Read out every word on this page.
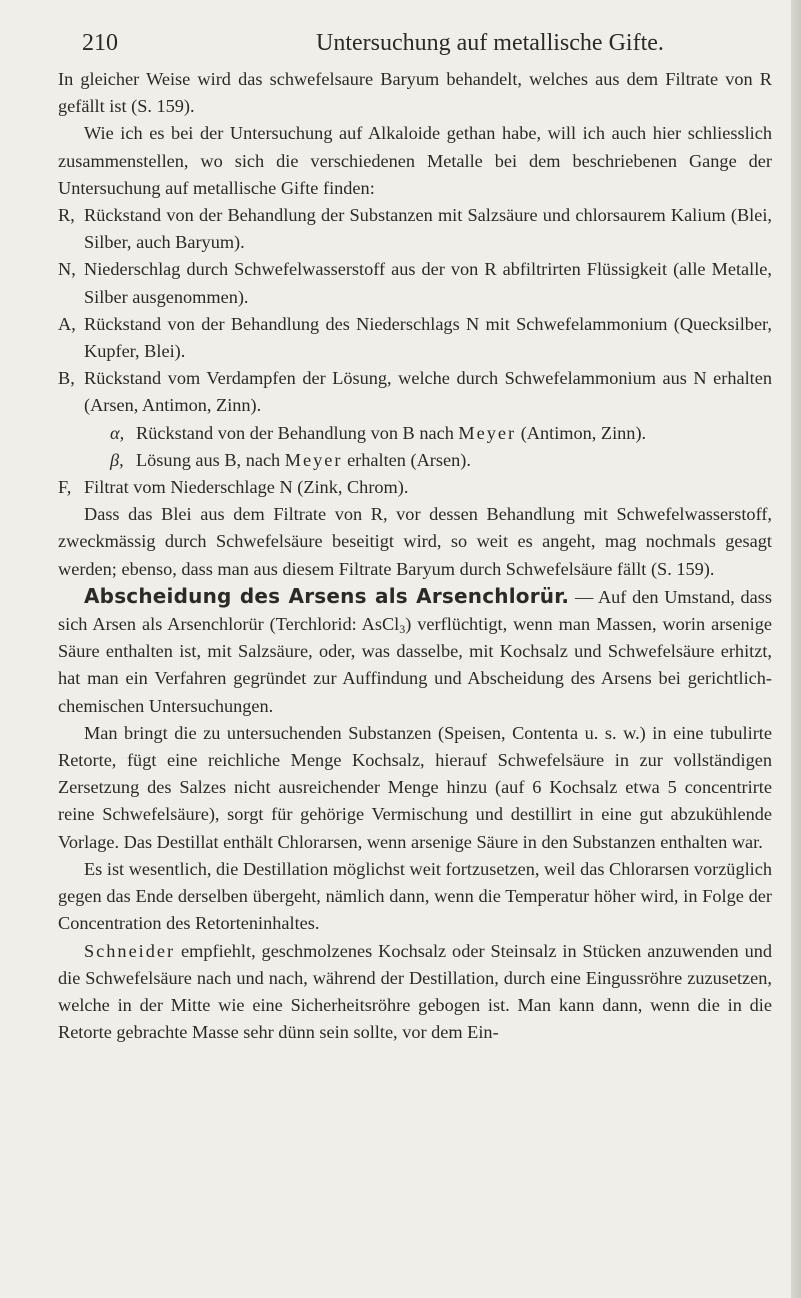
210	Untersuchung auf metallische Gifte.

In gleicher Weise wird das schwefelsaure Baryum behandelt, welches aus dem Filtrate von R gefällt ist (S. 159).

Wie ich es bei der Untersuchung auf Alkaloide gethan habe, will ich auch hier schliesslich zusammenstellen, wo sich die verschiedenen Metalle bei dem beschriebenen Gange der Untersuchung auf metallische Gifte finden:

R, Rückstand von der Behandlung der Substanzen mit Salzsäure und chlorsaurem Kalium (Blei, Silber, auch Baryum).
N, Niederschlag durch Schwefelwasserstoff aus der von R abfiltrirten Flüssigkeit (alle Metalle, Silber ausgenommen).
A, Rückstand von der Behandlung des Niederschlags N mit Schwefelammonium (Quecksilber, Kupfer, Blei).
B, Rückstand vom Verdampfen der Lösung, welche durch Schwefelammonium aus N erhalten (Arsen, Antimon, Zinn).
α, Rückstand von der Behandlung von B nach Meyer (Antimon, Zinn).
β, Lösung aus B, nach Meyer erhalten (Arsen).
F, Filtrat vom Niederschlage N (Zink, Chrom).

Dass das Blei aus dem Filtrate von R, vor dessen Behandlung mit Schwefelwasserstoff, zweckmässig durch Schwefelsäure beseitigt wird, so weit es angeht, mag nochmals gesagt werden; ebenso, dass man aus diesem Filtrate Baryum durch Schwefelsäure fällt (S. 159).

Abscheidung des Arsens als Arsenchlorür. — Auf den Umstand, dass sich Arsen als Arsenchlorür (Terchlorid: AsCl$_3$) verflüchtigt, wenn man Massen, worin arsenige Säure enthalten ist, mit Salzsäure, oder, was dasselbe, mit Kochsalz und Schwefelsäure erhitzt, hat man ein Verfahren gegründet zur Auffindung und Abscheidung des Arsens bei gerichtlich-chemischen Untersuchungen.

Man bringt die zu untersuchenden Substanzen (Speisen, Contenta u. s. w.) in eine tubulirte Retorte, fügt eine reichliche Menge Kochsalz, hierauf Schwefelsäure in zur vollständigen Zersetzung des Salzes nicht ausreichender Menge hinzu (auf 6 Kochsalz etwa 5 concentrirte reine Schwefelsäure), sorgt für gehörige Vermischung und destillirt in eine gut abzukühlende Vorlage. Das Destillat enthält Chlorarsen, wenn arsenige Säure in den Substanzen enthalten war.

Es ist wesentlich, die Destillation möglichst weit fortzusetzen, weil das Chlorarsen vorzüglich gegen das Ende derselben übergeht, nämlich dann, wenn die Temperatur höher wird, in Folge der Concentration des Retorteninhaltes.

Schneider empfiehlt, geschmolzenes Kochsalz oder Steinsalz in Stücken anzuwenden und die Schwefelsäure nach und nach, während der Destillation, durch eine Eingussröhre zuzusetzen, welche in der Mitte wie eine Sicherheitsröhre gebogen ist. Man kann dann, wenn die in die Retorte gebrachte Masse sehr dünn sein sollte, vor dem Ein-
